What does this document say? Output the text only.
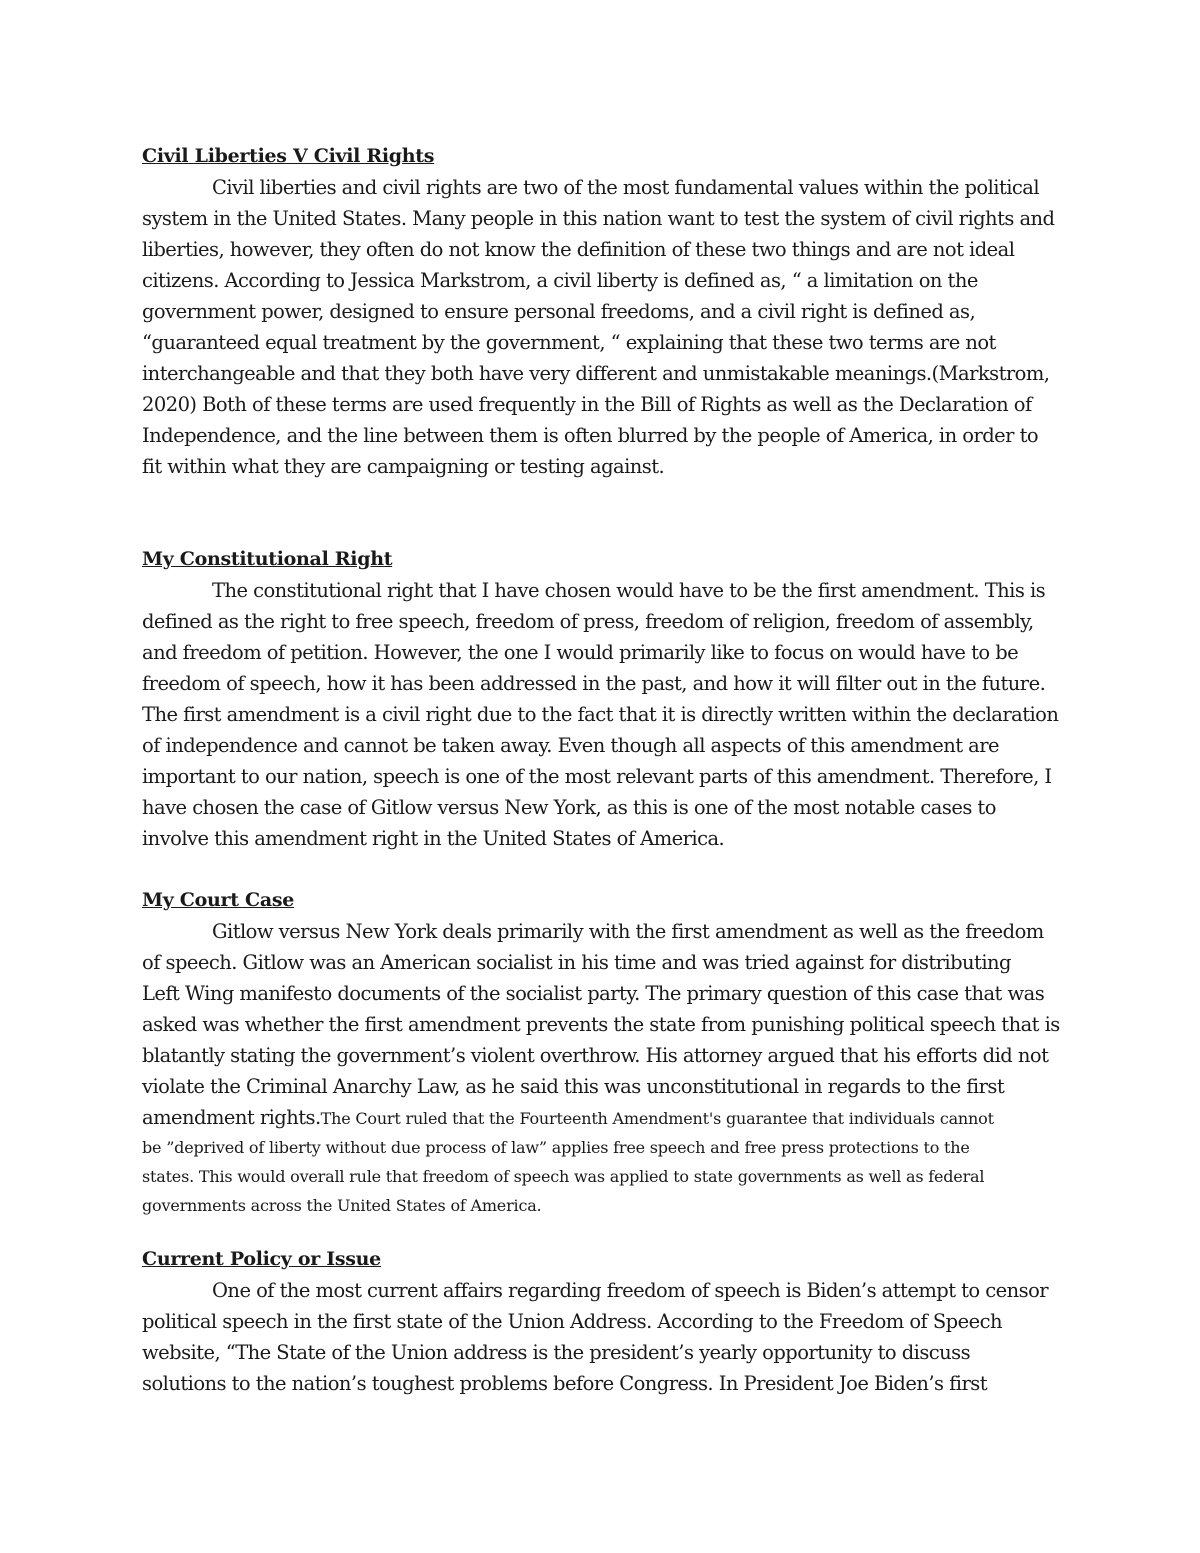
Civil Liberties V Civil Rights
Civil liberties and civil rights are two of the most fundamental values within the political
system in the United States. Many people in this nation want to test the system of civil rights and
liberties, however, they often do not know the definition of these two things and are not ideal
citizens. According to Jessica Markstrom, a civil liberty is defined as, “ a limitation on the
government power, designed to ensure personal freedoms, and a civil right is defined as,
“guaranteed equal treatment by the government, “ explaining that these two terms are not
interchangeable and that they both have very different and unmistakable meanings.(Markstrom,
2020) Both of these terms are used frequently in the Bill of Rights as well as the Declaration of
Independence, and the line between them is often blurred by the people of America, in order to
fit within what they are campaigning or testing against.
My Constitutional Right
The constitutional right that I have chosen would have to be the first amendment. This is
defined as the right to free speech, freedom of press, freedom of religion, freedom of assembly,
and freedom of petition. However, the one I would primarily like to focus on would have to be
freedom of speech, how it has been addressed in the past, and how it will filter out in the future.
The first amendment is a civil right due to the fact that it is directly written within the declaration
of independence and cannot be taken away. Even though all aspects of this amendment are
important to our nation, speech is one of the most relevant parts of this amendment. Therefore, I
have chosen the case of Gitlow versus New York, as this is one of the most notable cases to
involve this amendment right in the United States of America.
My Court Case
Gitlow versus New York deals primarily with the first amendment as well as the freedom
of speech. Gitlow was an American socialist in his time and was tried against for distributing
Left Wing manifesto documents of the socialist party. The primary question of this case that was
asked was whether the first amendment prevents the state from punishing political speech that is
blatantly stating the government’s violent overthrow. His attorney argued that his efforts did not
violate the Criminal Anarchy Law, as he said this was unconstitutional in regards to the first
amendment rights.The Court ruled that the Fourteenth Amendment's guarantee that individuals cannot
be ”deprived of liberty without due process of law” applies free speech and free press protections to the
states. This would overall rule that freedom of speech was applied to state governments as well as federal
governments across the United States of America.
Current Policy or Issue
One of the most current affairs regarding freedom of speech is Biden’s attempt to censor
political speech in the first state of the Union Address. According to the Freedom of Speech
website, “The State of the Union address is the president’s yearly opportunity to discuss
solutions to the nation’s toughest problems before Congress. In President Joe Biden’s first
